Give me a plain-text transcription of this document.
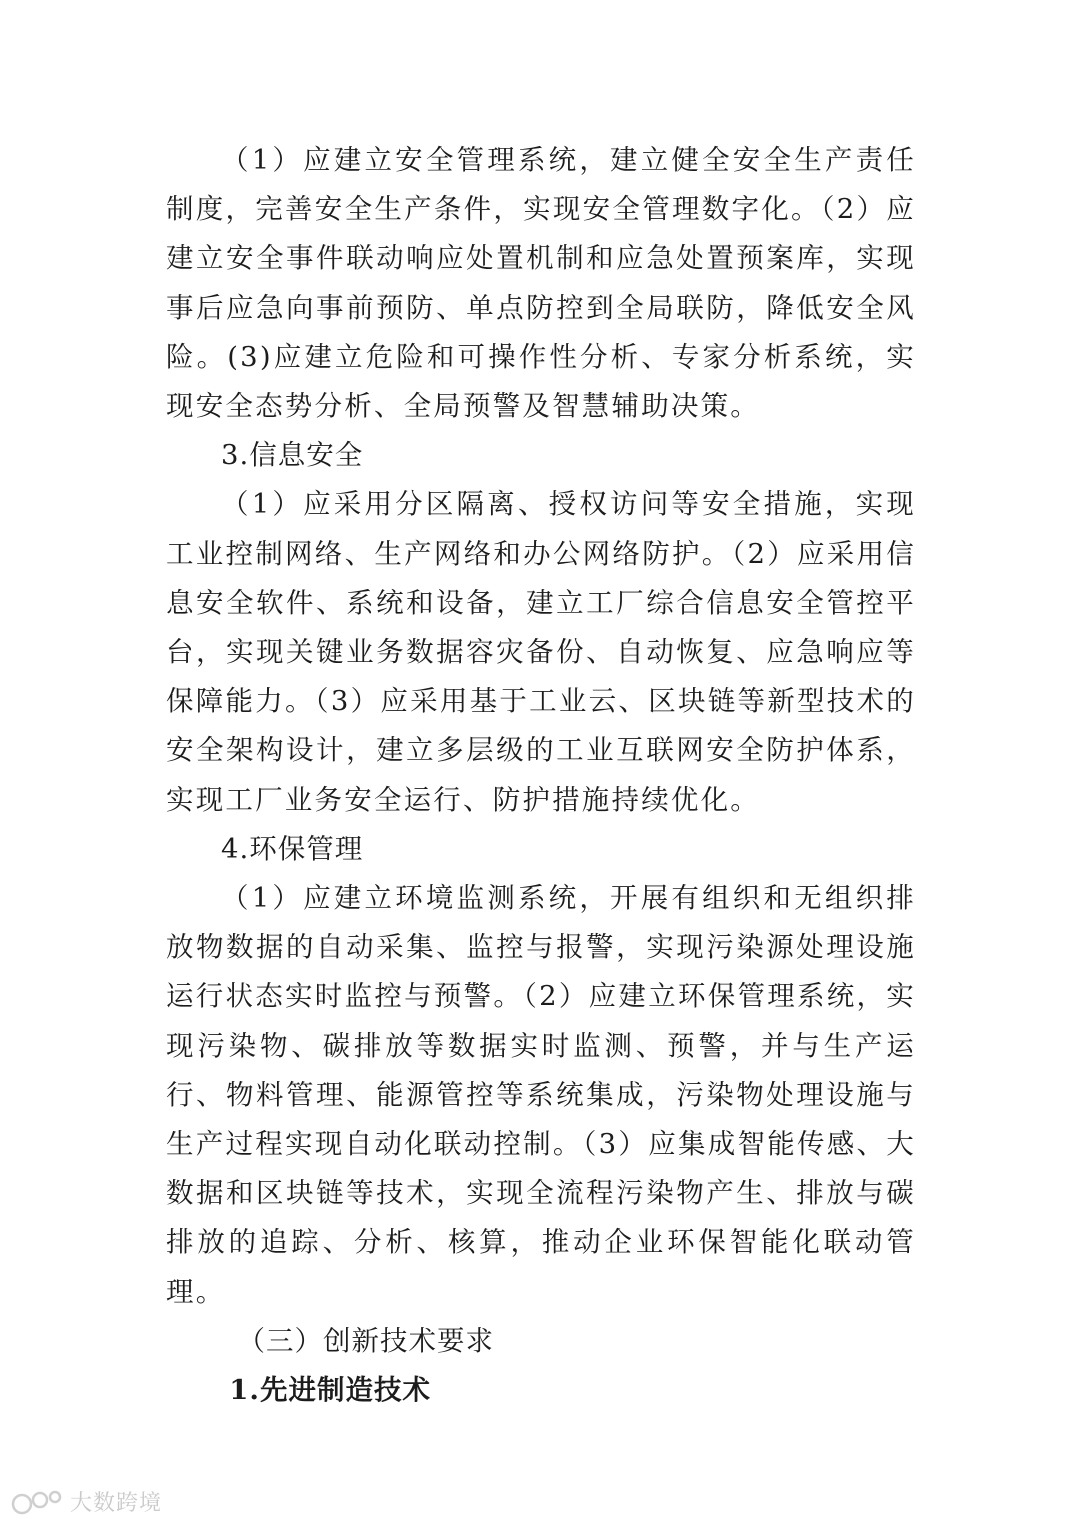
（1）应建立安全管理系统，建立健全安全生产责任制度，完善安全生产条件，实现安全管理数字化。（2）应建立安全事件联动响应处置机制和应急处置预案库，实现事后应急向事前预防、单点防控到全局联防，降低安全风险。(3)应建立危险和可操作性分析、专家分析系统，实现安全态势分析、全局预警及智慧辅助决策。

3.信息安全

（1）应采用分区隔离、授权访问等安全措施，实现工业控制网络、生产网络和办公网络防护。（2）应采用信息安全软件、系统和设备，建立工厂综合信息安全管控平台，实现关键业务数据容灾备份、自动恢复、应急响应等保障能力。（3）应采用基于工业云、区块链等新型技术的安全架构设计，建立多层级的工业互联网安全防护体系，实现工厂业务安全运行、防护措施持续优化。

4.环保管理

（1）应建立环境监测系统，开展有组织和无组织排放物数据的自动采集、监控与报警，实现污染源处理设施运行状态实时监控与预警。（2）应建立环保管理系统，实现污染物、碳排放等数据实时监测、预警，并与生产运行、物料管理、能源管控等系统集成，污染物处理设施与生产过程实现自动化联动控制。（3）应集成智能传感、大数据和区块链等技术，实现全流程污染物产生、排放与碳排放的追踪、分析、核算，推动企业环保智能化联动管理。

（三）创新技术要求

1.先进制造技术

大数跨境
